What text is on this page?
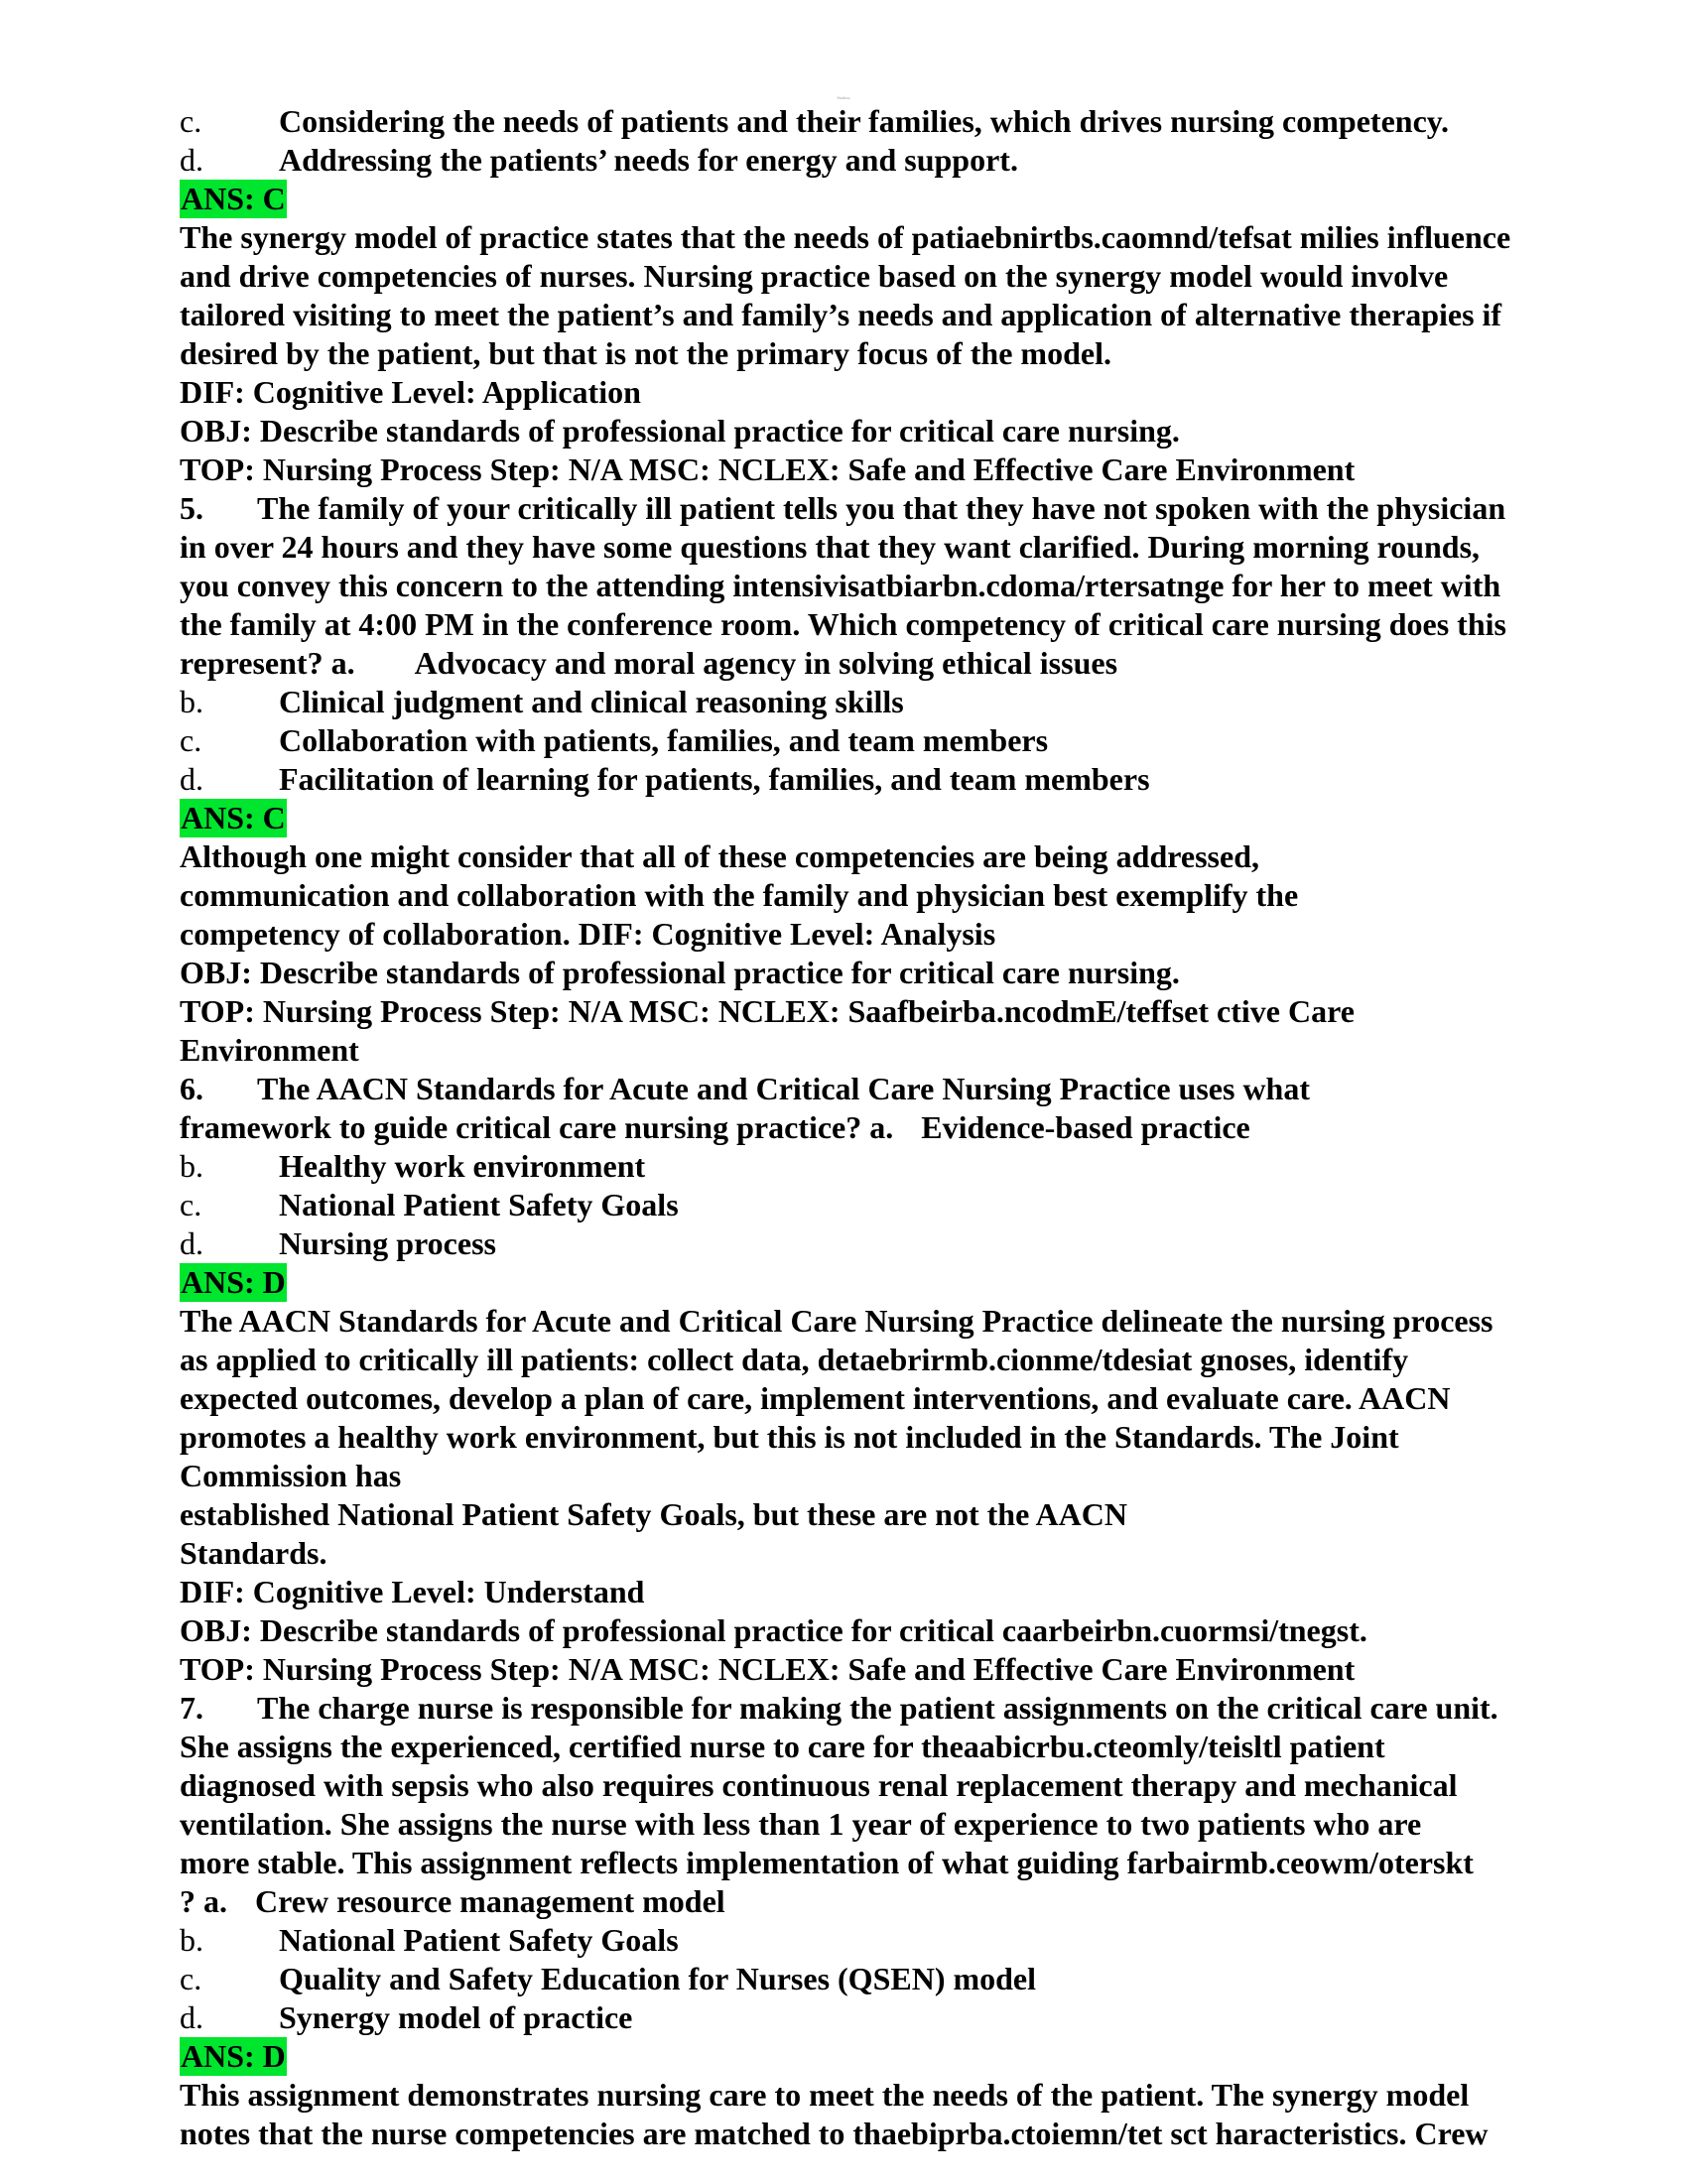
Studocu
c.	Considering the needs of patients and their families, which drives nursing competency.
d.	Addressing the patients’ needs for energy and support.

ANS: C

The synergy model of practice states that the needs of patiaebnirtbs.caomnd/tefsat milies influence

and drive competencies of nurses. Nursing practice based on the synergy model would involve

tailored visiting to meet the patient’s and family’s needs and application of alternative therapies if

desired by the patient, but that is not the primary focus of the model.

DIF: Cognitive Level: Application

OBJ: Describe standards of professional practice for critical care nursing.

TOP: Nursing Process Step: N/A MSC: NCLEX: Safe and Effective Care Environment

5. The family of your critically ill patient tells you that they have not spoken with the physician

in over 24 hours and they have some questions that they want clarified. During morning rounds,

you convey this concern to the attending intensivisatbiarbn.cdoma/rtersatnge for her to meet with

the family at 4:00 PM in the conference room. Which competency of critical care nursing does this

represent? a. Advocacy and moral agency in solving ethical issues

b.	Clinical judgment and clinical reasoning skills
c.	Collaboration with patients, families, and team members
d.	Facilitation of learning for patients, families, and team members

ANS: C

Although one might consider that all of these competencies are being addressed,

communication and collaboration with the family and physician best exemplify the

competency of collaboration. DIF: Cognitive Level: Analysis

OBJ: Describe standards of professional practice for critical care nursing.

TOP: Nursing Process Step: N/A MSC: NCLEX: Saafbeirba.ncodmE/teffset ctive Care

Environment

6. The AACN Standards for Acute and Critical Care Nursing Practice uses what

framework to guide critical care nursing practice? a. Evidence-based practice

b.	Healthy work environment
c.	National Patient Safety Goals
d.	Nursing process

ANS: D

The AACN Standards for Acute and Critical Care Nursing Practice delineate the nursing process

as applied to critically ill patients: collect data, detaebrirmb.cionme/tdesiat gnoses, identify

expected outcomes, develop a plan of care, implement interventions, and evaluate care. AACN

promotes a healthy work environment, but this is not included in the Standards. The Joint

Commission has

established National Patient Safety Goals, but these are not the AACN

Standards.

DIF: Cognitive Level: Understand

OBJ: Describe standards of professional practice for critical caarbeirbn.cuormsi/tnegst.

TOP: Nursing Process Step: N/A MSC: NCLEX: Safe and Effective Care Environment

7. The charge nurse is responsible for making the patient assignments on the critical care unit.

She assigns the experienced, certified nurse to care for theaabicrbu.cteomly/teisltl patient

diagnosed with sepsis who also requires continuous renal replacement therapy and mechanical

ventilation. She assigns the nurse with less than 1 year of experience to two patients who are

more stable. This assignment reflects implementation of what guiding farbairmb.ceowm/oterskt

? a. Crew resource management model

b.	National Patient Safety Goals
c.	Quality and Safety Education for Nurses (QSEN) model
d.	Synergy model of practice

ANS: D

This assignment demonstrates nursing care to meet the needs of the patient. The synergy model

notes that the nurse competencies are matched to thaebiprba.ctoiemn/tet sct haracteristics. Crew
